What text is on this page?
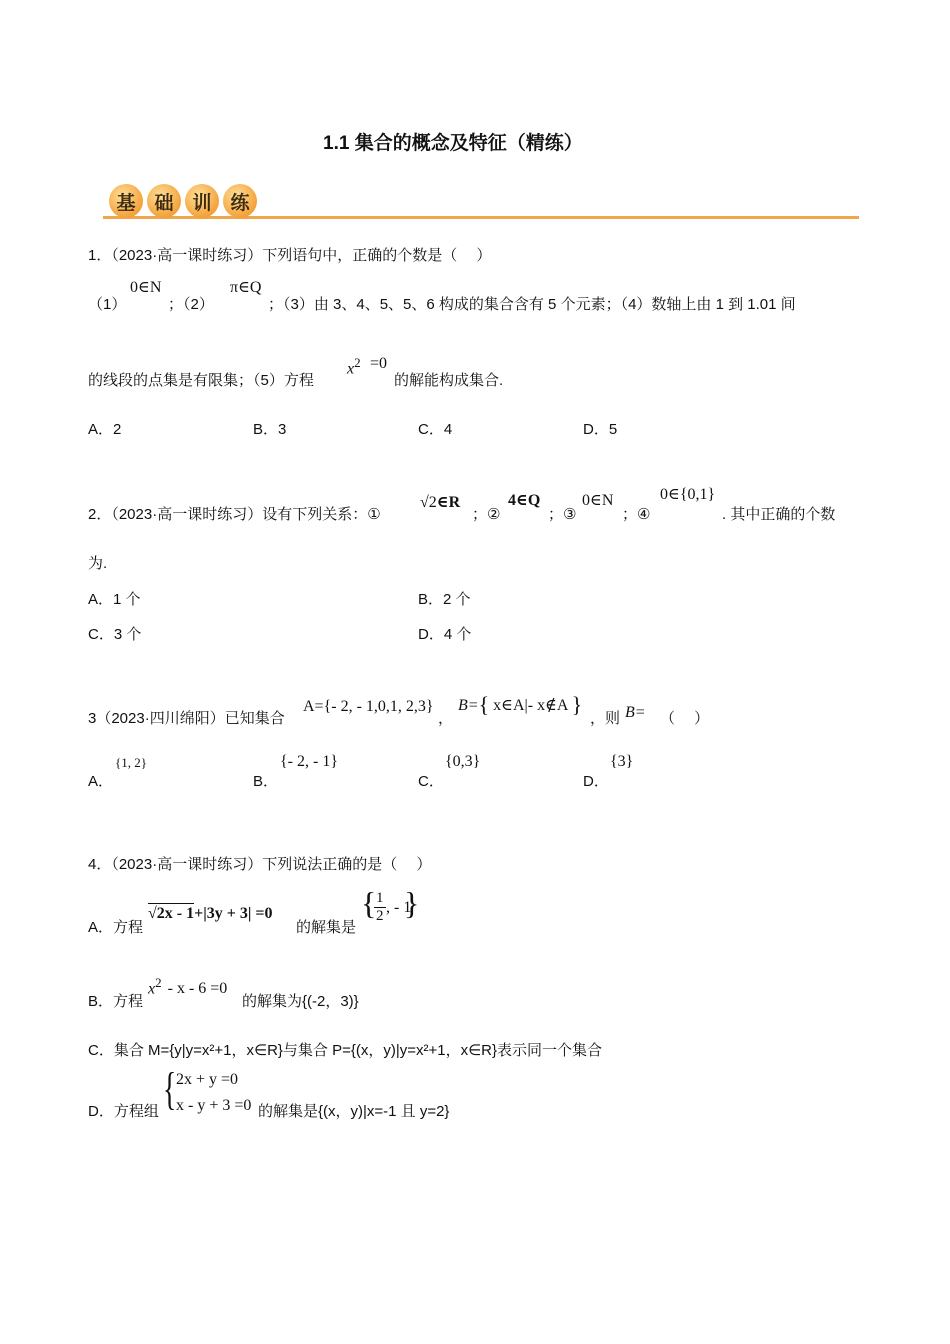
1.1 集合的概念及特征（精练）
基 础 训 练
1．（2023·高一课时练习）下列语句中，正确的个数是（　 ）
（1）
0∈N
；（2）
π∈Q
；（3）由 3、4、5、5、6 构成的集合含有 5 个元素；（4）数轴上由 1 到 1.01 间
的线段的点集是有限集；（5）方程
$x^2 =0$
的解能构成集合.
A．2	B．3	C．4	D．5
2．（2023·高一课时练习）设有下列关系：①
√2∈R
；②
4∈Q
；③
0∈N
；④
0∈{0,1}
. 其中正确的个数
为.
A．1 个	B．2 个
C．3 个	D．4 个
3（2023·四川绵阳）已知集合
A={- 2, - 1,0,1, 2,3}
，
B={ x∈A|- x∉A }
，则 B= （　 ）
A．
{1, 2}
B．
{- 2, - 1}
C．
{0,3}
D．
{3}
4．（2023·高一课时练习）下列说法正确的是（　 ）
A．方程
√2x - 1+|3y + 3| =0
的解集是
{ 1
2 , - 1
}
B．方程
$x^2 - x - 6 =0$
的解集为{(-2，3)}
C．集合 M={y|y=x²+1，x∈R}与集合 P={(x，y)|y=x²+1，x∈R}表示同一个集合
D．方程组 { 2x + y =0
x - y + 3 =0 的解集是{(x，y)|x=-1 且 y=2}
